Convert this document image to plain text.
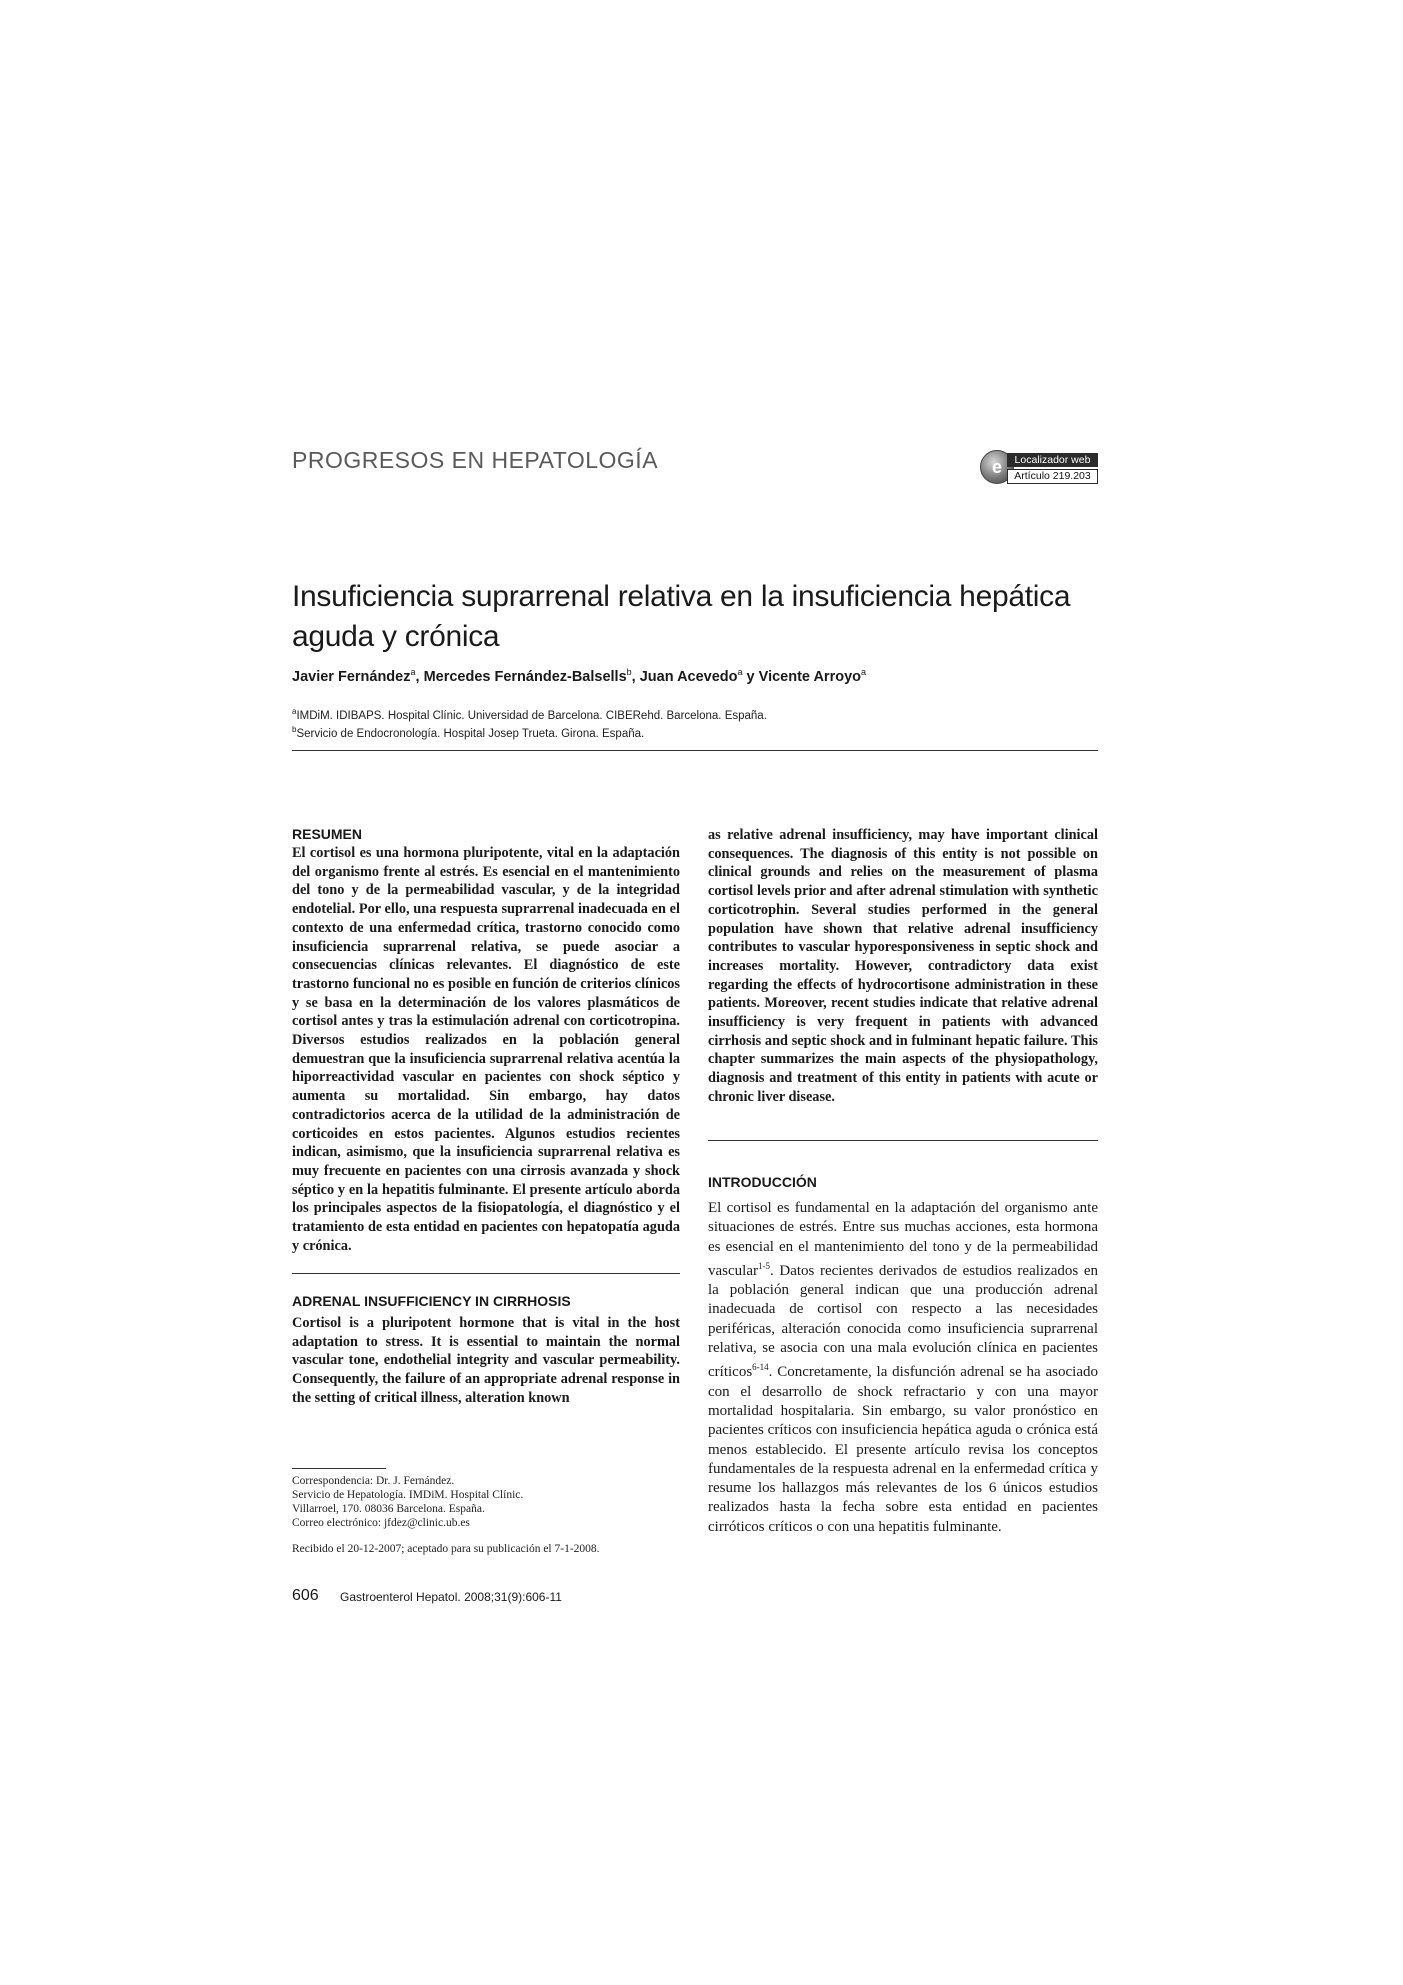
PROGRESOS EN HEPATOLOGÍA	e	Localizador web
Artículo 219.203
Insuficiencia suprarrenal relativa en la insuficiencia hepática aguda y crónica
Javier Fernández$^a$, Mercedes Fernández-Balsells$^b$, Juan Acevedo$^a$ y Vicente Arroyo$^a$
$^a$IMDiM. IDIBAPS. Hospital Clínic. Universidad de Barcelona. CIBERehd. Barcelona. España.
$^b$Servicio de Endocronología. Hospital Josep Trueta. Girona. España.
RESUMEN
El cortisol es una hormona pluripotente, vital en la adaptación del organismo frente al estrés. Es esencial en el mantenimiento del tono y de la permeabilidad vascular, y de la integridad endotelial. Por ello, una respuesta suprarrenal inadecuada en el contexto de una enfermedad crítica, trastorno conocido como insuficiencia suprarrenal relativa, se puede asociar a consecuencias clínicas relevantes. El diagnóstico de este trastorno funcional no es posible en función de criterios clínicos y se basa en la determinación de los valores plasmáticos de cortisol antes y tras la estimulación adrenal con corticotropina. Diversos estudios realizados en la población general demuestran que la insuficiencia suprarrenal relativa acentúa la hiporreactividad vascular en pacientes con shock séptico y aumenta su mortalidad. Sin embargo, hay datos contradictorios acerca de la utilidad de la administración de corticoides en estos pacientes. Algunos estudios recientes indican, asimismo, que la insuficiencia suprarrenal relativa es muy frecuente en pacientes con una cirrosis avanzada y shock séptico y en la hepatitis fulminante. El presente artículo aborda los principales aspectos de la fisiopatología, el diagnóstico y el tratamiento de esta entidad en pacientes con hepatopatía aguda y crónica.
ADRENAL INSUFFICIENCY IN CIRRHOSIS
Cortisol is a pluripotent hormone that is vital in the host adaptation to stress. It is essential to maintain the normal vascular tone, endothelial integrity and vascular permeability. Consequently, the failure of an appropriate adrenal response in the setting of critical illness, alteration known
as relative adrenal insufficiency, may have important clinical consequences. The diagnosis of this entity is not possible on clinical grounds and relies on the measurement of plasma cortisol levels prior and after adrenal stimulation with synthetic corticotrophin. Several studies performed in the general population have shown that relative adrenal insufficiency contributes to vascular hyporesponsiveness in septic shock and increases mortality. However, contradictory data exist regarding the effects of hydrocortisone administration in these patients. Moreover, recent studies indicate that relative adrenal insufficiency is very frequent in patients with advanced cirrhosis and septic shock and in fulminant hepatic failure. This chapter summarizes the main aspects of the physiopathology, diagnosis and treatment of this entity in patients with acute or chronic liver disease.
INTRODUCCIÓN
El cortisol es fundamental en la adaptación del organismo ante situaciones de estrés. Entre sus muchas acciones, esta hormona es esencial en el mantenimiento del tono y de la permeabilidad vascular$^{1-5}$. Datos recientes derivados de estudios realizados en la población general indican que una producción adrenal inadecuada de cortisol con respecto a las necesidades periféricas, alteración conocida como insuficiencia suprarrenal relativa, se asocia con una mala evolución clínica en pacientes críticos$^{6-14}$. Concretamente, la disfunción adrenal se ha asociado con el desarrollo de shock refractario y con una mayor mortalidad hospitalaria. Sin embargo, su valor pronóstico en pacientes críticos con insuficiencia hepática aguda o crónica está menos establecido. El presente artículo revisa los conceptos fundamentales de la respuesta adrenal en la enfermedad crítica y resume los hallazgos más relevantes de los 6 únicos estudios realizados hasta la fecha sobre esta entidad en pacientes cirróticos críticos o con una hepatitis fulminante.
Correspondencia: Dr. J. Fernández.
Servicio de Hepatología. IMDiM. Hospital Clínic.
Villarroel, 170. 08036 Barcelona. España.
Correo electrónico: jfdez@clinic.ub.es
Recibido el 20-12-2007; aceptado para su publicación el 7-1-2008.
606 Gastroenterol Hepatol. 2008;31(9):606-11
